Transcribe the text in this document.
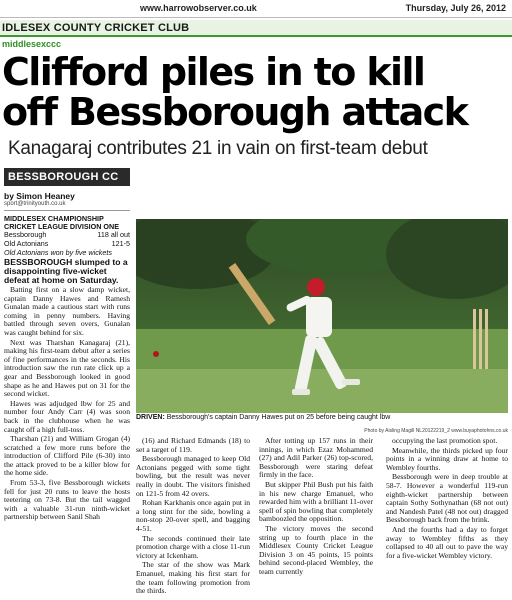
www.harrowobserver.co.uk	Thursday, July 26, 2012
IDLESEX COUNTY CRICKET CLUB
middlesexccc
Clifford piles in to kill
off Bessborough attack
Kanagaraj contributes 21 in vain on first-team debut
BESSBOROUGH CC
by Simon Heaney
sport@trinityouth.co.uk
MIDDLESEX CHAMPIONSHIP CRICKET LEAGUE DIVISION ONE
Bessborough	118 all out
Old Actonians	121-5
Old Actonians won by five wickets
BESSBOROUGH slumped to a disappointing five-wicket defeat at home on Saturday.

Batting first on a slow damp wicket, captain Danny Hawes and Ramesh Gunalan made a cautious start with runs coming in penny numbers. Having battled through seven overs, Gunalan was caught behind for six.

Next was Tharshan Kanagaraj (21), making his first-team debut after a series of fine performances in the seconds. His introduction saw the run rate click up a gear and Bessborough looked in good shape as he and Hawes put on 31 for the second wicket.

Hawes was adjudged lbw for 25 and number four Andy Carr (4) was soon back in the clubhouse when he was caught off a high full-toss.

Tharshan (21) and William Grogan (4) scratched a few more runs before the introduction of Clifford Pile (6-30) into the attack proved to be a killer blow for the home side.

From 53-3, five Bessborough wickets fell for just 20 runs to leave the hosts teetering on 73-8. But the tail wagged with a valuable 31-run ninth-wicket partnership between Sanil Shah

DRIVEN: Bessborough's captain Danny Hawes put on 25 before being caught lbw
Photo by Aisling Magill NL20122219_2 www.buyaphotohns.co.uk

(16) and Richard Edmands (18) to set a target of 119.

Bessborough managed to keep Old Actonians pegged with some tight bowling, but the result was never really in doubt. The visitors finished on 121-5 from 42 overs.

Rohan Karkhanis once again put in a long stint for the side, bowling a non-stop 20-over spell, and bagging 4-51.

The seconds continued their late promotion charge with a close 11-run victory at Ickenham.

The star of the show was Mark Emanuel, making his first start for the team following promotion from the thirds.

After totting up 157 runs in their innings, in which Ezaz Mohammed (27) and Adil Parker (26) top-scored, Bessborough were staring defeat firmly in the face.

But skipper Phil Bush put his faith in his new charge Emanuel, who rewarded him with a brilliant 11-over spell of spin bowling that completely bamboozled the opposition.

The victory moves the second string up to fourth place in the Middlesex County Cricket League Division 3 on 45 points, 15 points behind second-placed Wembley, the team currently

occupying the last promotion spot.

Meanwhile, the thirds picked up four points in a winning draw at home to Wembley fourths.

Bessborough were in deep trouble at 58-7. However a wonderful 119-run eighth-wicket partnership between captain Sothy Sothynathan (68 not out) and Nandesh Patel (48 not out) dragged Bessborough back from the brink.

And the fourths had a day to forget away to Wembley fifths as they collapsed to 40 all out to pave the way for a five-wicket Wembley victory.
